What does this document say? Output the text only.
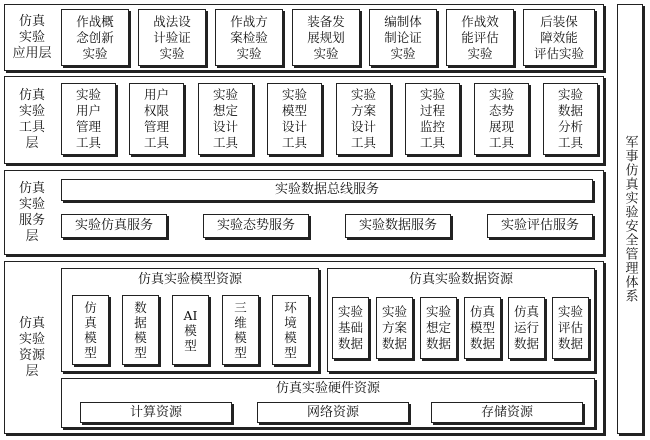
仿真
实验
应用层
作战概
念创新
实验
战法设
计验证
实验
作战方
案检验
实验
装备发
展规划
实验
编制体
制论证
实验
作战效
能评估
实验
后装保
障效能
评估实验
仿真
实验
工具
层
实验
用户
管理
工具
用户
权限
管理
工具
实验
想定
设计
工具
实验
模型
设计
工具
实验
方案
设计
工具
实验
过程
监控
工具
实验
态势
展现
工具
实验
数据
分析
工具
仿真
实验
服务
层
实验数据总线服务
实验仿真服务	实验态势服务	实验数据服务	实验评估服务
仿真
实验
资源
层
仿真实验模型资源
仿
真
模
型
数
据
模
型
AI
模
型
三
维
模
型
环
境
模
型
仿真实验数据资源
实验
基础
数据
实验
方案
数据
实验
想定
数据
仿真
模型
数据
仿真
运行
数据
实验
评估
数据
仿真实验硬件资源
计算资源	网络资源	存储资源
军事仿真实验安全管理体系
